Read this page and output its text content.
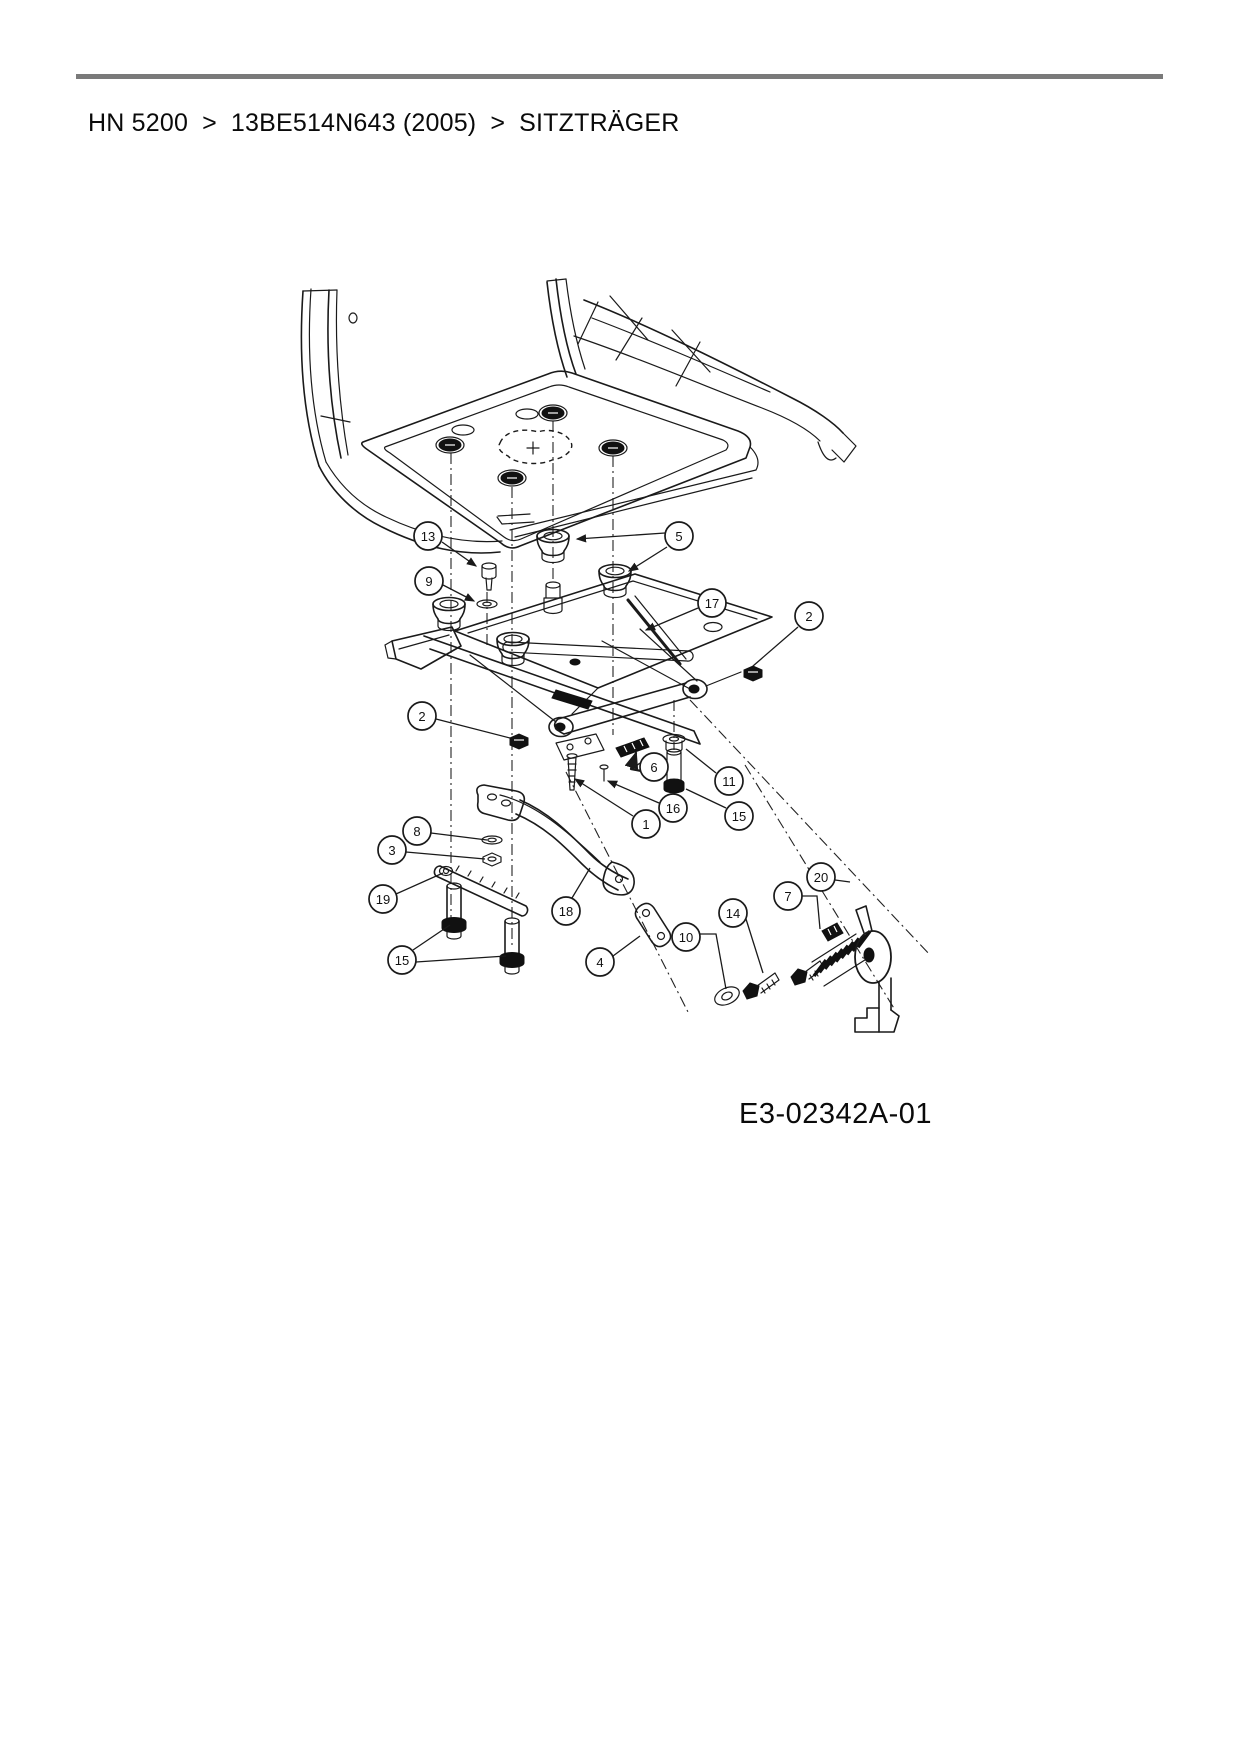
HN 5200 > 13BE514N643 (2005) > SITZTRÄGER
13
9
5
17
2
2
6
11
16
15
1
8
3
19
18
15	4
10
14
7
20
E3-02342A-01
